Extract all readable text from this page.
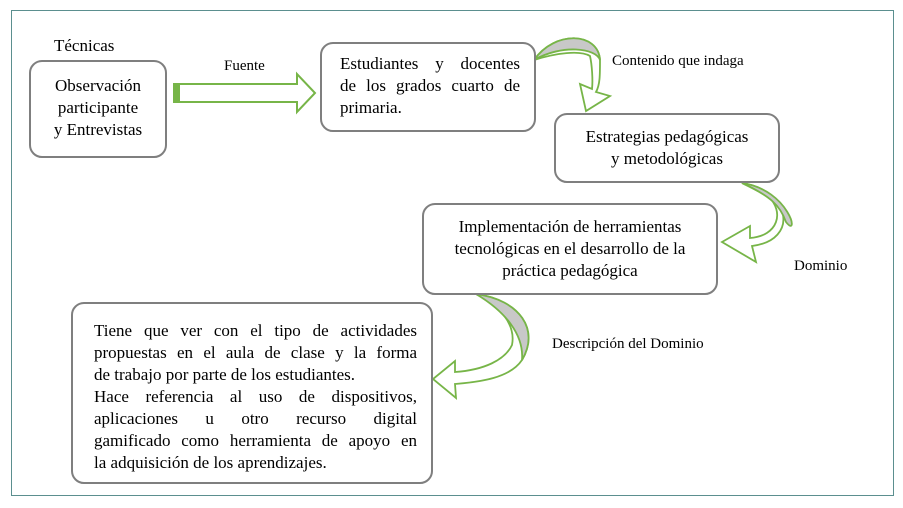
Técnicas
Fuente	Contenido que indaga
Dominio
Descripción del Dominio
Observación
participante
y Entrevistas
Estudiantes y docentes
de los grados cuarto de
primaria.
Estrategias pedagógicas
y metodológicas
Implementación de herramientas
tecnológicas en el desarrollo de la
práctica pedagógica
Tiene que ver con el tipo de actividades
propuestas en el aula de clase y la forma
de trabajo por parte de los estudiantes.
Hace referencia al uso de dispositivos,
aplicaciones u otro recurso digital
gamificado como herramienta de apoyo en
la adquisición de los aprendizajes.
